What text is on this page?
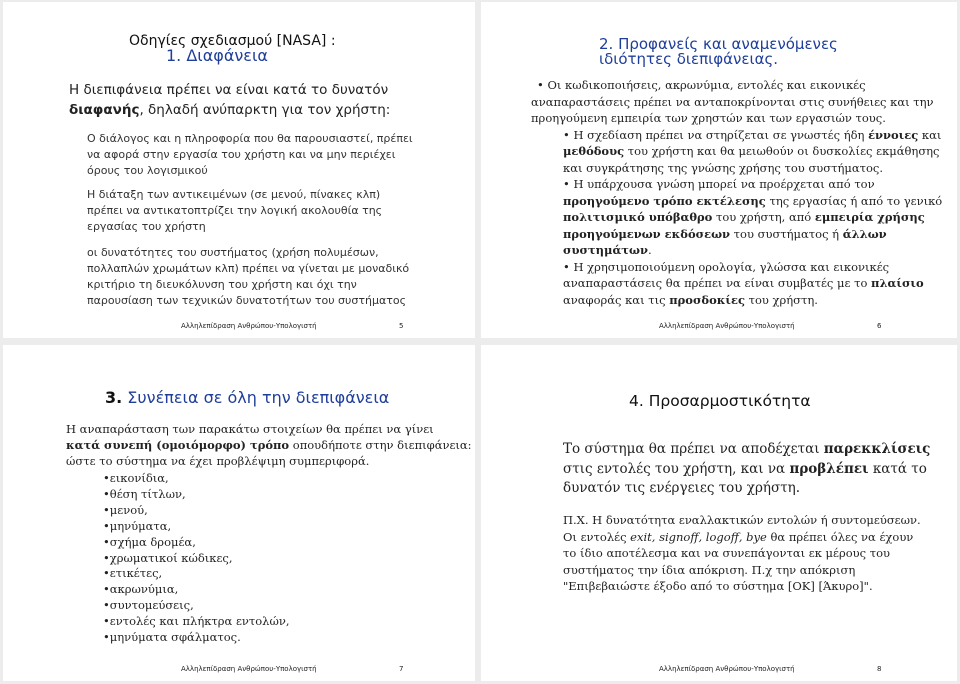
Οδηγίες σχεδιασμού [NASA] :
1. Διαφάνεια
Η διεπιφάνεια πρέπει να είναι κατά το δυνατόν
διαφανής, δηλαδή ανύπαρκτη για τον χρήστη:
Ο διάλογος και η πληροφορία που θα παρουσιαστεί, πρέπει
να αφορά στην εργασία του χρήστη και να μην περιέχει
όρους του λογισμικού
Η διάταξη των αντικειμένων (σε μενού, πίνακες κλπ)
πρέπει να αντικατοπτρίζει την λογική ακολουθία της
εργασίας του χρήστη
οι δυνατότητες του συστήματος (χρήση πολυμέσων,
πολλαπλών χρωμάτων κλπ) πρέπει να γίνεται με μοναδικό
κριτήριο τη διευκόλυνση του χρήστη και όχι την
παρουσίαση των τεχνικών δυνατοτήτων του συστήματος
Αλληλεπίδραση Ανθρώπου-Υπολογιστή	5
2. Προφανείς και αναμενόμενες
ιδιότητες διεπιφάνειας.
• Οι κωδικοποιήσεις, ακρωνύμια, εντολές και εικονικές
αναπαραστάσεις πρέπει να ανταποκρίνονται στις συνήθειες και την
προηγούμενη εμπειρία των χρηστών και των εργασιών τους.
• Η σχεδίαση πρέπει να στηρίζεται σε γνωστές ήδη έννοιες και
μεθόδους του χρήστη και θα μειωθούν οι δυσκολίες εκμάθησης
και συγκράτησης της γνώσης χρήσης του συστήματος.
• Η υπάρχουσα γνώση μπορεί να προέρχεται από τον
προηγούμενο τρόπο εκτέλεσης της εργασίας ή από το γενικό
πολιτισμικό υπόβαθρο του χρήστη, από εμπειρία χρήσης
προηγούμενων εκδόσεων του συστήματος ή άλλων
συστημάτων.
• Η χρησιμοποιούμενη ορολογία, γλώσσα και εικονικές
αναπαραστάσεις θα πρέπει να είναι συμβατές με το πλαίσιο
αναφοράς και τις προσδοκίες του χρήστη.
Αλληλεπίδραση Ανθρώπου-Υπολογιστή	6
3. Συνέπεια σε όλη την διεπιφάνεια
Η αναπαράσταση των παρακάτω στοιχείων θα πρέπει να γίνει
κατά συνεπή (ομοιόμορφο) τρόπο οπουδήποτε στην διεπιφάνεια:
ώστε το σύστημα να έχει προβλέψιμη συμπεριφορά.
•εικονίδια,
•θέση τίτλων,
•μενού,
•μηνύματα,
•σχήμα δρομέα,
•χρωματικοί κώδικες,
•ετικέτες,
•ακρωνύμια,
•συντομεύσεις,
•εντολές και πλήκτρα εντολών,
•μηνύματα σφάλματος.
Αλληλεπίδραση Ανθρώπου-Υπολογιστή	7
4. Προσαρμοστικότητα
Το σύστημα θα πρέπει να αποδέχεται παρεκκλίσεις
στις εντολές του χρήστη, και να προβλέπει κατά το
δυνατόν τις ενέργειες του χρήστη.
Π.Χ. Η δυνατότητα εναλλακτικών εντολών ή συντομεύσεων.
Οι εντολές exit, signoff, logoff, bye θα πρέπει όλες να έχουν
το ίδιο αποτέλεσμα και να συνεπάγονται εκ μέρους του
συστήματος την ίδια απόκριση. Π.χ την απόκριση
"Επιβεβαιώστε έξοδο από το σύστημα [OK] [Άκυρο]".
Αλληλεπίδραση Ανθρώπου-Υπολογιστή	8
